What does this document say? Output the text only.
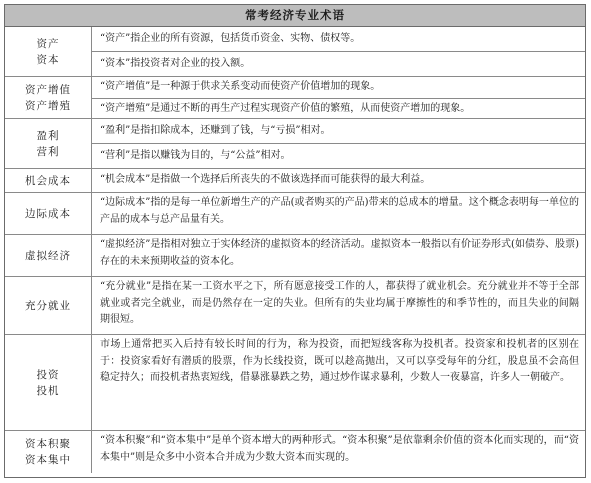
常考经济专业术语
资产
资本
“资产”指企业的所有资源，包括货币资金、实物、债权等。
“资本”指投资者对企业的投入额。
资产增值
资产增殖
“资产增值”是一种源于供求关系变动而使资产价值增加的现象。
“资产增殖”是通过不断的再生产过程实现资产价值的繁殖，从而使资产增加的现象。
盈利
营利
“盈利”是指扣除成本，还赚到了钱，与“亏损”相对。
“营利”是指以赚钱为目的，与“公益”相对。
机会成本	“机会成本”是指做一个选择后所丧失的不做该选择而可能获得的最大利益。
边际成本
“边际成本”指的是每一单位新增生产的产品(或者购买的产品)带来的总成本的增量。这个概念表明每一单位的产品的成本与总产品量有关。
虚拟经济
“虚拟经济”是指相对独立于实体经济的虚拟资本的经济活动。虚拟资本一般指以有价证券形式(如债券、股票)存在的未来预期收益的资本化。
充分就业
“充分就业”是指在某一工资水平之下，所有愿意接受工作的人，都获得了就业机会。充分就业并不等于全部就业或者完全就业，而是仍然存在一定的失业。但所有的失业均属于摩擦性的和季节性的，而且失业的间隔期很短。
投资
投机
市场上通常把买入后持有较长时间的行为，称为投资，而把短线客称为投机者。投资家和投机者的区别在于：投资家看好有潜质的股票，作为长线投资，既可以趁高抛出，又可以享受每年的分红，股息虽不会高但稳定持久；而投机者热衷短线，借暴涨暴跌之势，通过炒作谋求暴利，少数人一夜暴富，许多人一朝破产。
资本积聚
资本集中
“资本积聚”和“资本集中”是单个资本增大的两种形式。“资本积聚”是依靠剩余价值的资本化而实现的，而“资本集中”则是众多中小资本合并成为少数大资本而实现的。
